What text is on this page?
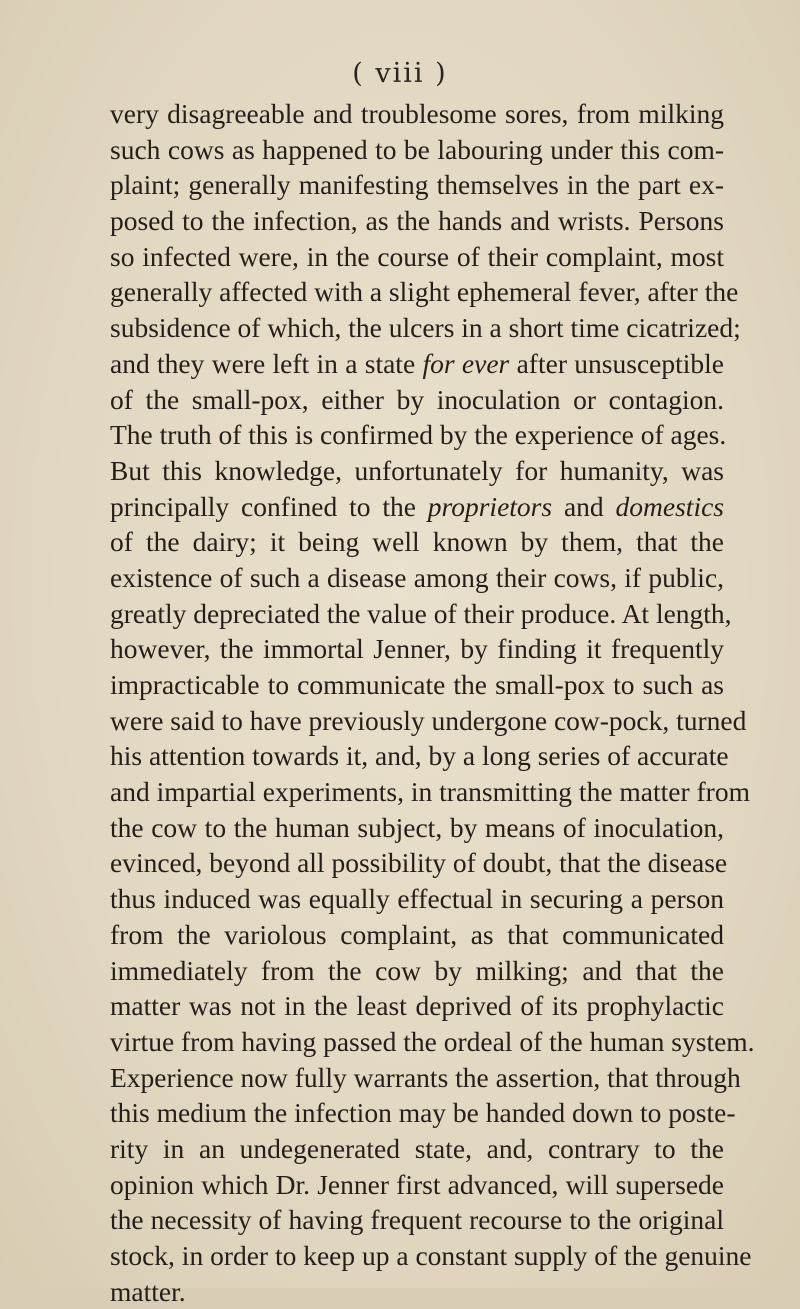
( viii )
very disagreeable and troublesome sores, from milking
such cows as happened to be labouring under this com-
plaint; generally manifesting themselves in the part ex-
posed to the infection, as the hands and wrists. Persons
so infected were, in the course of their complaint, most
generally affected with a slight ephemeral fever, after the
subsidence of which, the ulcers in a short time cicatrized;
and they were left in a state for ever after unsusceptible
of the small-pox, either by inoculation or contagion.
The truth of this is confirmed by the experience of ages.
But this knowledge, unfortunately for humanity, was
principally confined to the proprietors and domestics
of the dairy; it being well known by them, that the
existence of such a disease among their cows, if public,
greatly depreciated the value of their produce. At length,
however, the immortal Jenner, by finding it frequently
impracticable to communicate the small-pox to such as
were said to have previously undergone cow-pock, turned
his attention towards it, and, by a long series of accurate
and impartial experiments, in transmitting the matter from
the cow to the human subject, by means of inoculation,
evinced, beyond all possibility of doubt, that the disease
thus induced was equally effectual in securing a person
from the variolous complaint, as that communicated
immediately from the cow by milking; and that the
matter was not in the least deprived of its prophylactic
virtue from having passed the ordeal of the human system.
Experience now fully warrants the assertion, that through
this medium the infection may be handed down to poste-
rity in an undegenerated state, and, contrary to the
opinion which Dr. Jenner first advanced, will supersede
the necessity of having frequent recourse to the original
stock, in order to keep up a constant supply of the genuine
matter.
